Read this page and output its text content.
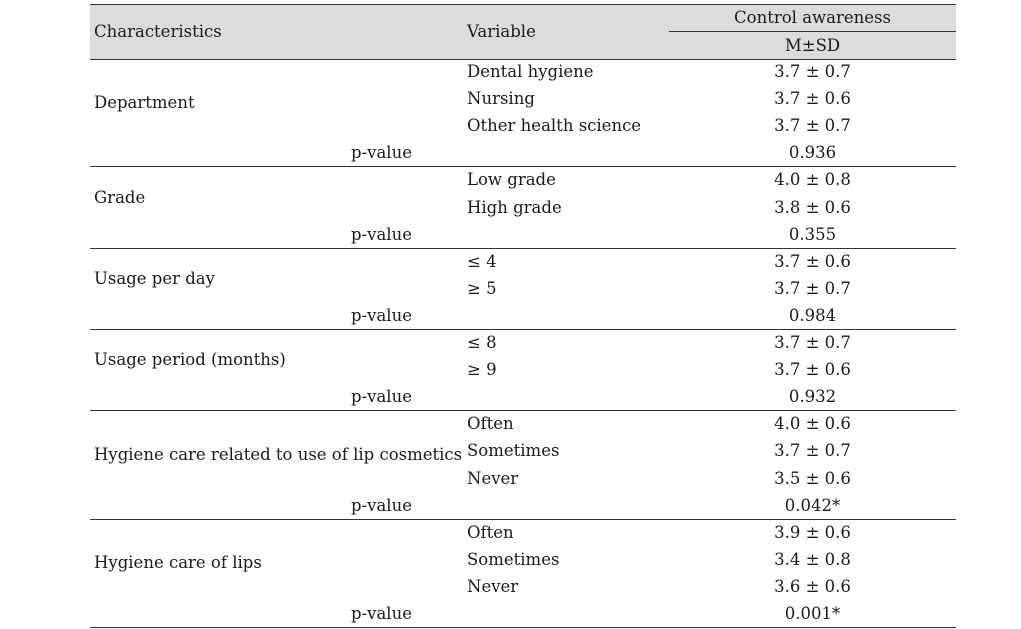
Characteristics	Variable
Control awareness
M±SD
Department
Dental hygiene	3.7 ± 0.7
Nursing	3.7 ± 0.6
Other health science	3.7 ± 0.7
p-value	0.936
Grade
Low grade	4.0 ± 0.8
High grade	3.8 ± 0.6
p-value	0.355
Usage per day
≤ 4	3.7 ± 0.6
≥ 5	3.7 ± 0.7
p-value	0.984
Usage period (months)
≤ 8	3.7 ± 0.7
≥ 9	3.7 ± 0.6
p-value	0.932
Hygiene care related to use of lip cosmetics
Often	4.0 ± 0.6
Sometimes	3.7 ± 0.7
Never	3.5 ± 0.6
p-value	0.042*
Hygiene care of lips
Often	3.9 ± 0.6
Sometimes	3.4 ± 0.8
Never	3.6 ± 0.6
p-value	0.001*
